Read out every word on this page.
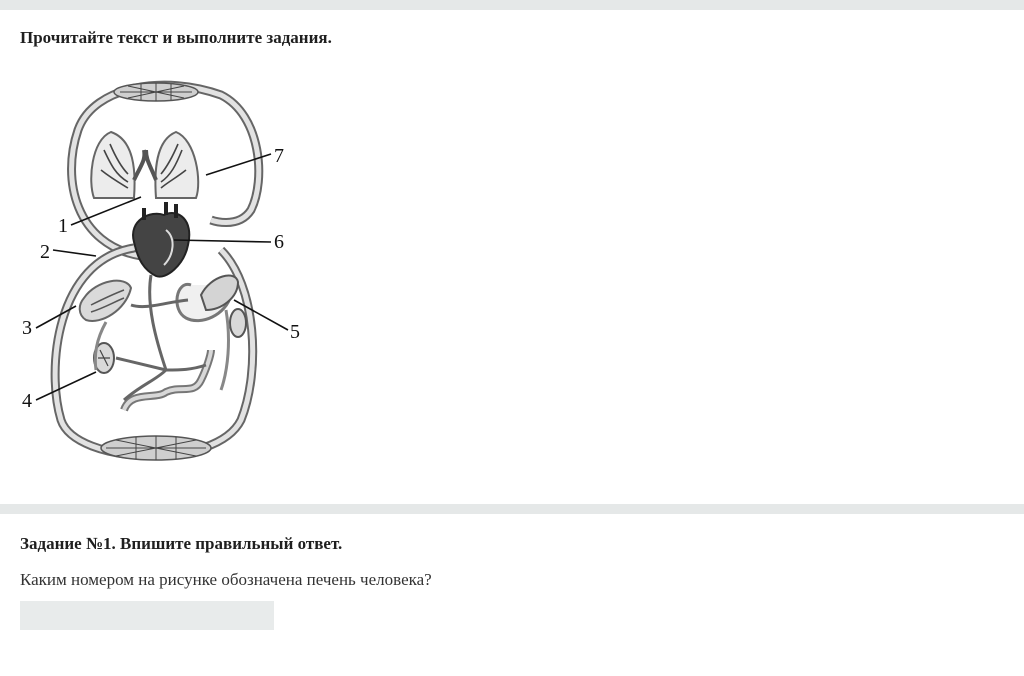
Прочитайте текст и выполните задания.
1
2
3
4
5
6
7
Задание №1. Впишите правильный ответ.

Каким номером на рисунке обозначена печень человека?
